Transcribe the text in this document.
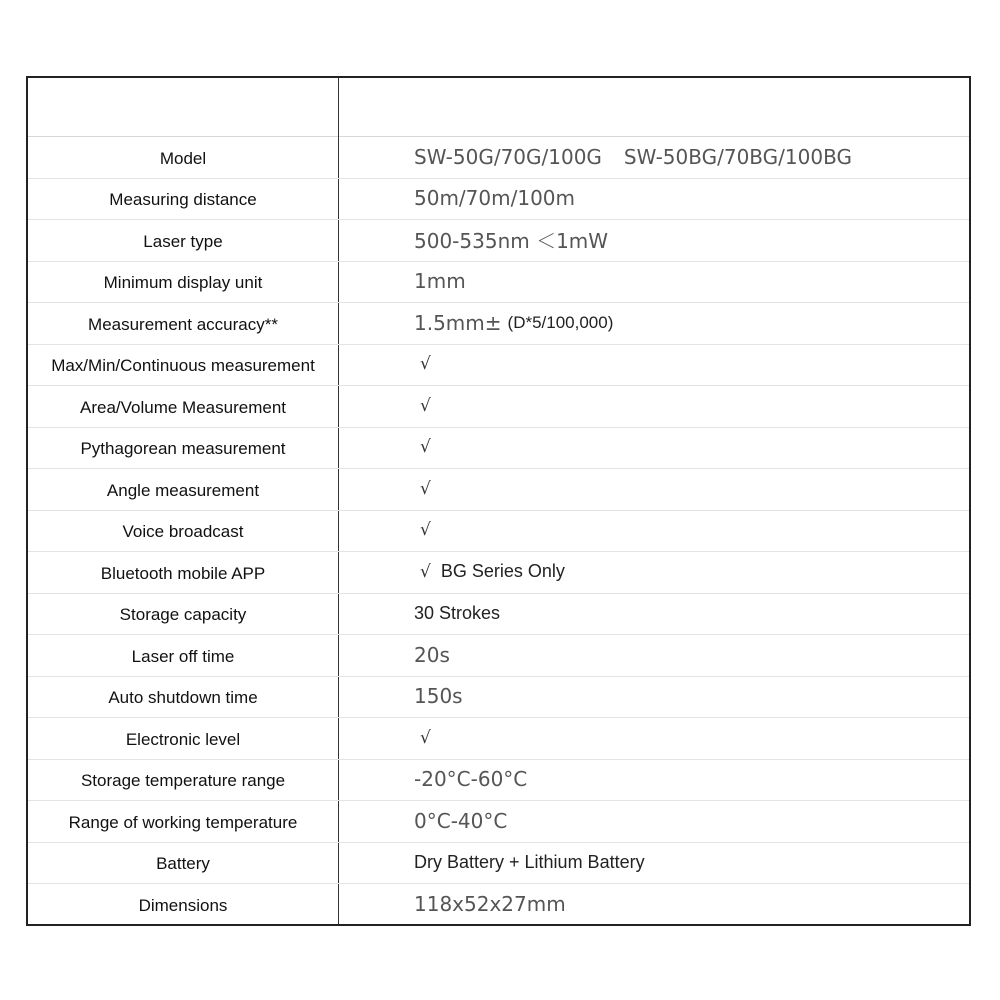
Model	SW-50G/70G/100G SW-50BG/70BG/100BG
Measuring distance	50m/70m/100m
Laser type	500-535nm ＜1mW
Minimum display unit	1mm
Measurement accuracy**	1.5mm± (D*5/100,000)
Max/Min/Continuous measurement	√
Area/Volume Measurement	√
Pythagorean measurement	√
Angle measurement	√
Voice broadcast	√
Bluetooth mobile APP	√ BG Series Only
Storage capacity	30 Strokes
Laser off time	20s
Auto shutdown time	150s
Electronic level	√
Storage temperature range	-20°C-60°C
Range of working temperature	0°C-40°C
Battery	Dry Battery + Lithium Battery
Dimensions	118x52x27mm
